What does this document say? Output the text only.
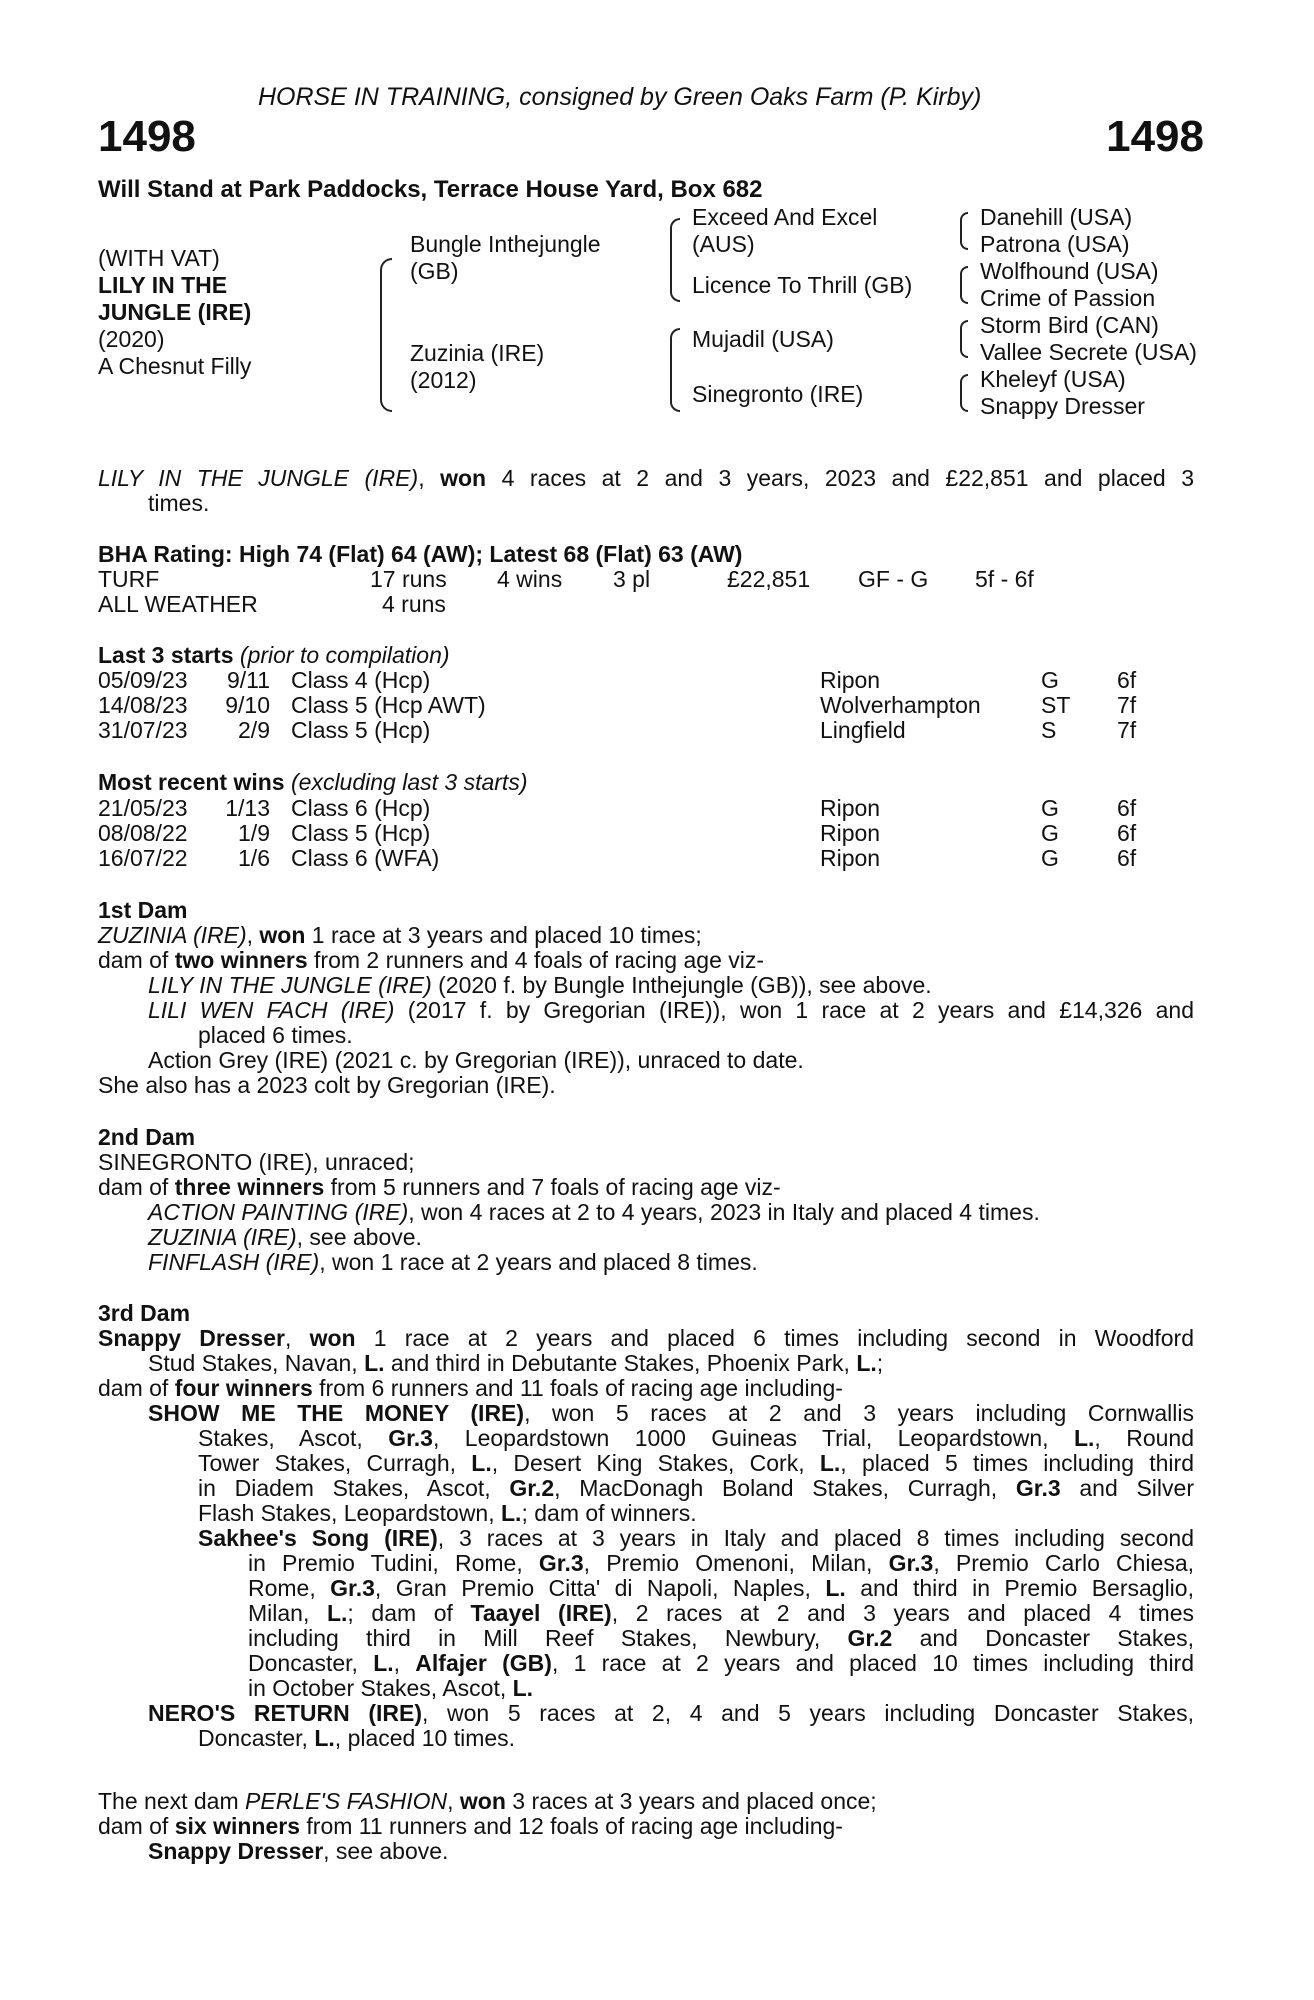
HORSE IN TRAINING, consigned by Green Oaks Farm (P. Kirby)
1498	1498
Will Stand at Park Paddocks, Terrace House Yard, Box 682
(WITH VAT)
LILY IN THE
JUNGLE (IRE)
(2020)
A Chesnut Filly
Bungle Inthejungle
(GB)
Zuzinia (IRE)
(2012)
Exceed And Excel
(AUS)
Licence To Thrill (GB)
Mujadil (USA)
Sinegronto (IRE)
Danehill (USA)
Patrona (USA)
Wolfhound (USA)
Crime of Passion
Storm Bird (CAN)
Vallee Secrete (USA)
Kheleyf (USA)
Snappy Dresser
LILY IN THE JUNGLE (IRE), won 4 races at 2 and 3 years, 2023 and £22,851 and placed 3
times.
BHA Rating: High 74 (Flat) 64 (AW); Latest 68 (Flat) 63 (AW)
TURF	17 runs 4 wins 3 pl	£22,851 GF - G 5f - 6f
ALL WEATHER	4 runs
Last 3 starts (prior to compilation)
05/09/23 9/11 Class 4 (Hcp)	Ripon	G	6f
14/08/23 9/10 Class 5 (Hcp AWT)	Wolverhampton	ST 7f
31/07/23 2/9 Class 5 (Hcp)	Lingfield	S	7f
Most recent wins (excluding last 3 starts)
21/05/23 1/13 Class 6 (Hcp)	Ripon	G	6f
08/08/22 1/9 Class 5 (Hcp)	Ripon	G	6f
16/07/22 1/6 Class 6 (WFA)	Ripon	G	6f
1st Dam
ZUZINIA (IRE), won 1 race at 3 years and placed 10 times;
dam of two winners from 2 runners and 4 foals of racing age viz-
LILY IN THE JUNGLE (IRE) (2020 f. by Bungle Inthejungle (GB)), see above.
LILI WEN FACH (IRE) (2017 f. by Gregorian (IRE)), won 1 race at 2 years and £14,326 and
placed 6 times.
Action Grey (IRE) (2021 c. by Gregorian (IRE)), unraced to date.
She also has a 2023 colt by Gregorian (IRE).
2nd Dam
SINEGRONTO (IRE), unraced;
dam of three winners from 5 runners and 7 foals of racing age viz-
ACTION PAINTING (IRE), won 4 races at 2 to 4 years, 2023 in Italy and placed 4 times.
ZUZINIA (IRE), see above.
FINFLASH (IRE), won 1 race at 2 years and placed 8 times.
3rd Dam
Snappy Dresser, won 1 race at 2 years and placed 6 times including second in Woodford
Stud Stakes, Navan, L. and third in Debutante Stakes, Phoenix Park, L.;
dam of four winners from 6 runners and 11 foals of racing age including-
SHOW ME THE MONEY (IRE), won 5 races at 2 and 3 years including Cornwallis
Stakes, Ascot, Gr.3, Leopardstown 1000 Guineas Trial, Leopardstown, L., Round
Tower Stakes, Curragh, L., Desert King Stakes, Cork, L., placed 5 times including third
in Diadem Stakes, Ascot, Gr.2, MacDonagh Boland Stakes, Curragh, Gr.3 and Silver
Flash Stakes, Leopardstown, L.; dam of winners.
Sakhee's Song (IRE), 3 races at 3 years in Italy and placed 8 times including second
in Premio Tudini, Rome, Gr.3, Premio Omenoni, Milan, Gr.3, Premio Carlo Chiesa,
Rome, Gr.3, Gran Premio Citta' di Napoli, Naples, L. and third in Premio Bersaglio,
Milan, L.; dam of Taayel (IRE), 2 races at 2 and 3 years and placed 4 times
including third in Mill Reef Stakes, Newbury, Gr.2 and Doncaster Stakes,
Doncaster, L., Alfajer (GB), 1 race at 2 years and placed 10 times including third
in October Stakes, Ascot, L.
NERO'S RETURN (IRE), won 5 races at 2, 4 and 5 years including Doncaster Stakes,
Doncaster, L., placed 10 times.
The next dam PERLE'S FASHION, won 3 races at 3 years and placed once;
dam of six winners from 11 runners and 12 foals of racing age including-
Snappy Dresser, see above.
